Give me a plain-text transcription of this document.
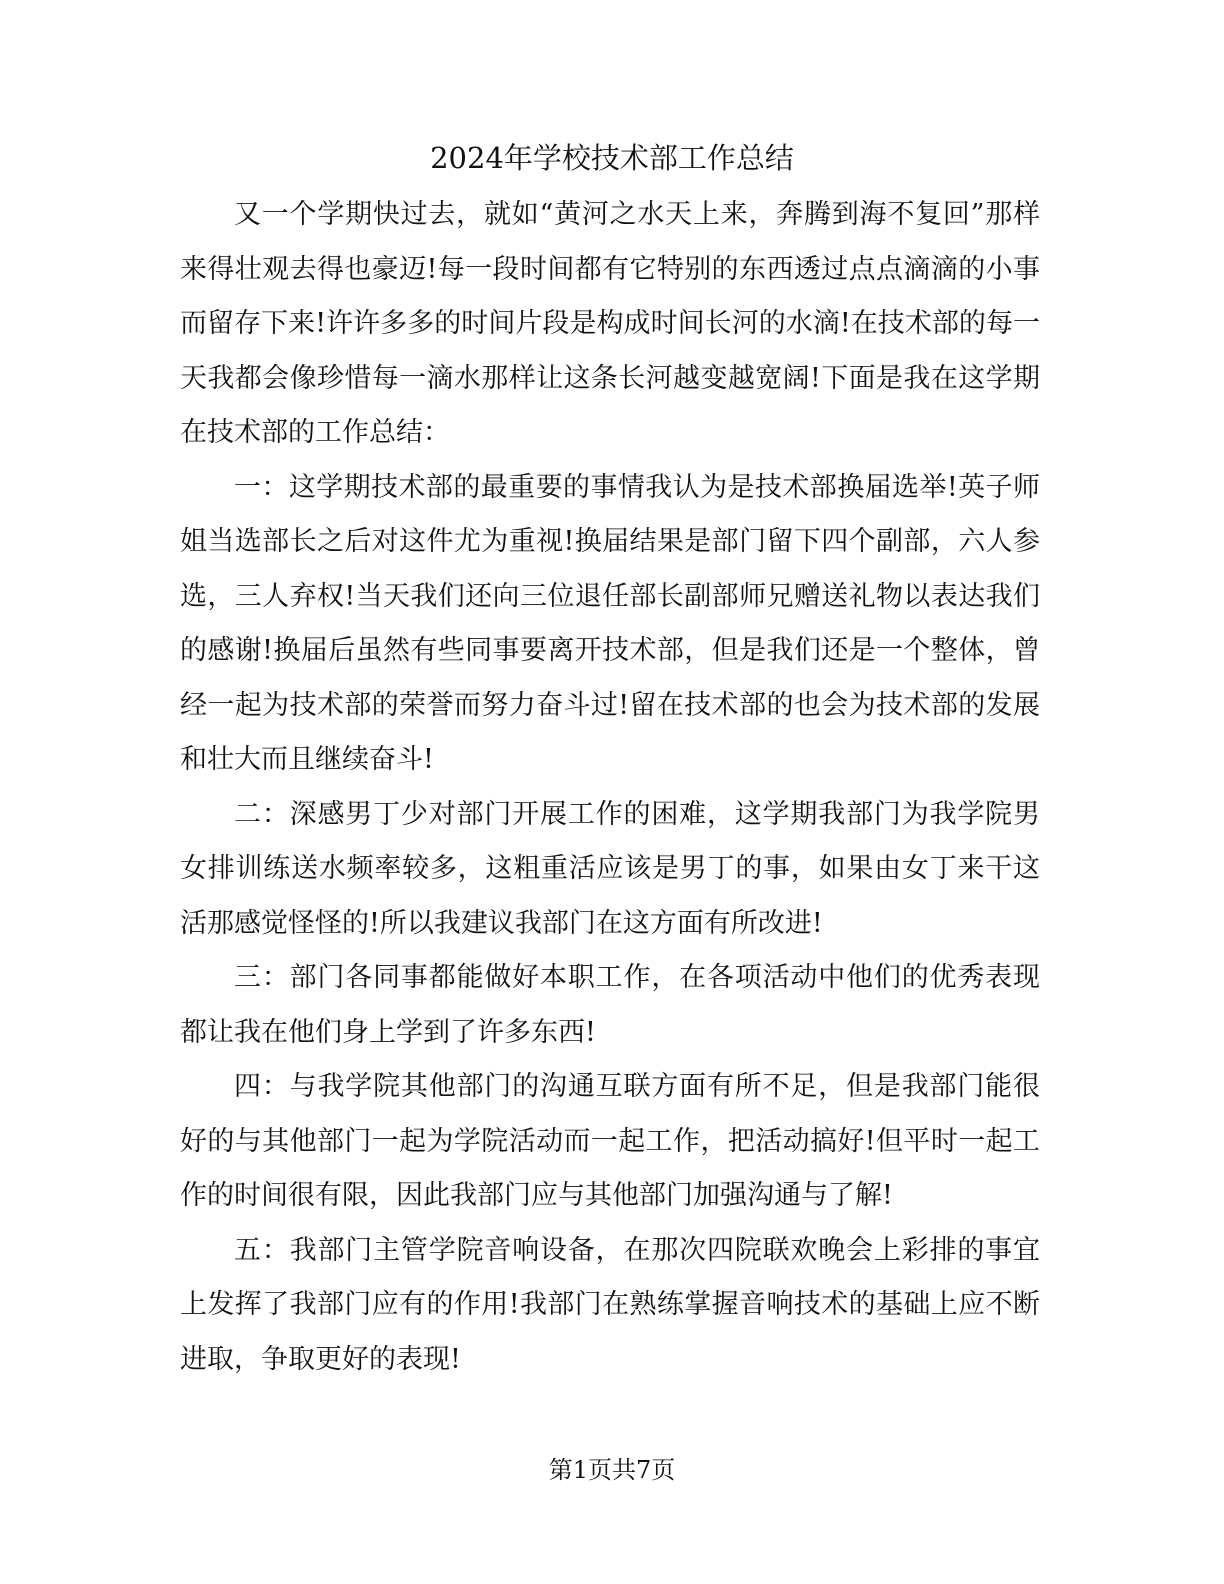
2024年学校技术部工作总结

又一个学期快过去，就如“黄河之水天上来，奔腾到海不复回”那样来得壮观去得也豪迈!每一段时间都有它特别的东西透过点点滴滴的小事而留存下来!许许多多的时间片段是构成时间长河的水滴!在技术部的每一天我都会像珍惜每一滴水那样让这条长河越变越宽阔!下面是我在这学期在技术部的工作总结：

一：这学期技术部的最重要的事情我认为是技术部换届选举!英子师姐当选部长之后对这件尤为重视!换届结果是部门留下四个副部，六人参选，三人弃权!当天我们还向三位退任部长副部师兄赠送礼物以表达我们的感谢!换届后虽然有些同事要离开技术部，但是我们还是一个整体，曾经一起为技术部的荣誉而努力奋斗过!留在技术部的也会为技术部的发展和壮大而且继续奋斗!

二：深感男丁少对部门开展工作的困难，这学期我部门为我学院男女排训练送水频率较多，这粗重活应该是男丁的事，如果由女丁来干这活那感觉怪怪的!所以我建议我部门在这方面有所改进!

三：部门各同事都能做好本职工作，在各项活动中他们的优秀表现都让我在他们身上学到了许多东西!

四：与我学院其他部门的沟通互联方面有所不足，但是我部门能很好的与其他部门一起为学院活动而一起工作，把活动搞好!但平时一起工作的时间很有限，因此我部门应与其他部门加强沟通与了解!

五：我部门主管学院音响设备，在那次四院联欢晚会上彩排的事宜上发挥了我部门应有的作用!我部门在熟练掌握音响技术的基础上应不断进取，争取更好的表现!

第1页共7页
